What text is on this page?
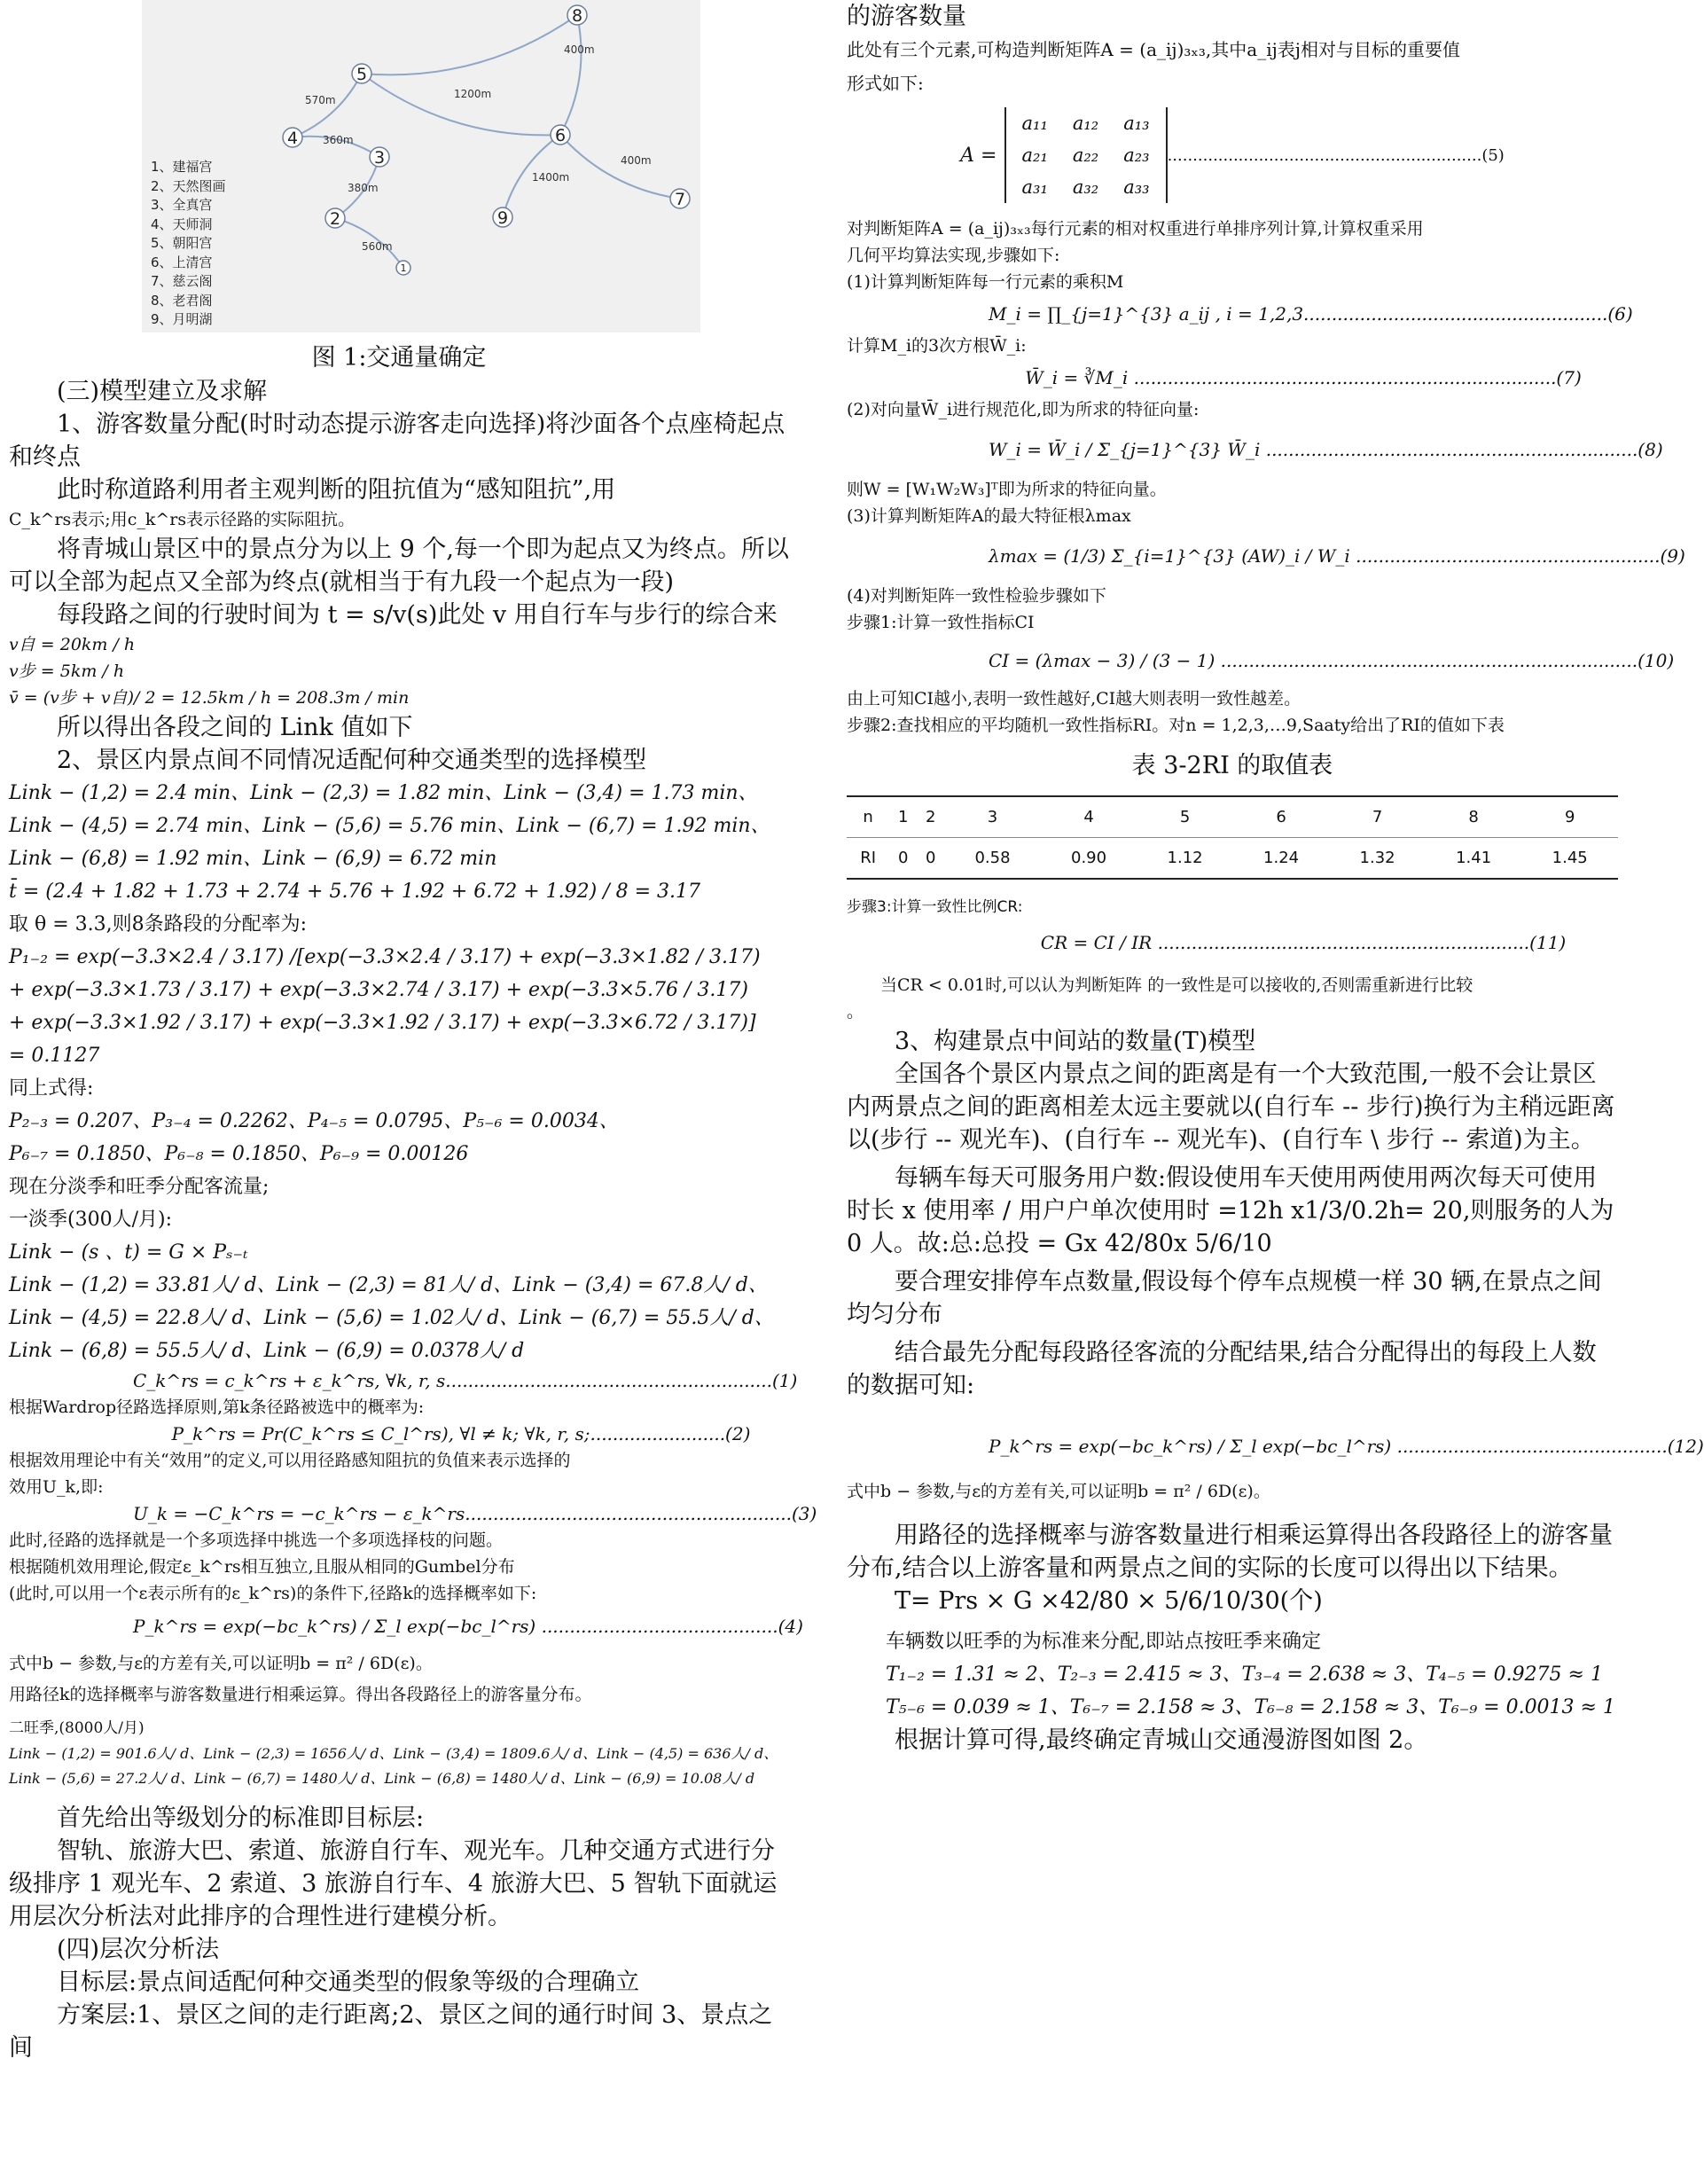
560m
380m
360m
570m	1200m
400m
1400m
400m
1
2
3
4
5
6
7
8
9
1、建福宫
2、天然图画
3、全真宫
4、天师洞
5、朝阳宫
6、上清宫
7、慈云阁
8、老君阁
9、月明湖

图 1:交通量确定

(三)模型建立及求解

1、游客数量分配(时时动态提示游客走向选择)将沙面各个点座椅起点和终点

此时称道路利用者主观判断的阻抗值为“感知阻抗”,用

C_k^rs表示;用c_k^rs表示径路的实际阻抗。

将青城山景区中的景点分为以上 9 个,每一个即为起点又为终点。所以可以全部为起点又全部为终点(就相当于有九段一个起点为一段)

每段路之间的行驶时间为 t = s/v(s)此处 v 用自行车与步行的综合来

v自 = 20km / h

v步 = 5km / h

v̄ = (v步 + v自)/ 2 = 12.5km / h = 208.3m / min

所以得出各段之间的 Link 值如下

2、景区内景点间不同情况适配何种交通类型的选择模型

Link − (1,2) = 2.4 min、Link − (2,3) = 1.82 min、Link − (3,4) = 1.73 min、

Link − (4,5) = 2.74 min、Link − (5,6) = 5.76 min、Link − (6,7) = 1.92 min、

Link − (6,8) = 1.92 min、Link − (6,9) = 6.72 min

t̄ = (2.4 + 1.82 + 1.73 + 2.74 + 5.76 + 1.92 + 6.72 + 1.92) / 8 = 3.17

取 θ = 3.3,则8条路段的分配率为:

P₁₋₂ = exp(−3.3×2.4 / 3.17) /[exp(−3.3×2.4 / 3.17) + exp(−3.3×1.82 / 3.17)

+ exp(−3.3×1.73 / 3.17) + exp(−3.3×2.74 / 3.17) + exp(−3.3×5.76 / 3.17)

+ exp(−3.3×1.92 / 3.17) + exp(−3.3×1.92 / 3.17) + exp(−3.3×6.72 / 3.17)]

= 0.1127

同上式得:

P₂₋₃ = 0.207、P₃₋₄ = 0.2262、P₄₋₅ = 0.0795、P₅₋₆ = 0.0034、

P₆₋₇ = 0.1850、P₆₋₈ = 0.1850、P₆₋₉ = 0.00126

现在分淡季和旺季分配客流量;

一淡季(300人/月):

Link − (s 、t) = G × Pₛ₋ₜ

Link − (1,2) = 33.81人/ d、Link − (2,3) = 81人/ d、Link − (3,4) = 67.8人/ d、

Link − (4,5) = 22.8人/ d、Link − (5,6) = 1.02人/ d、Link − (6,7) = 55.5人/ d、

Link − (6,8) = 55.5人/ d、Link − (6,9) = 0.0378人/ d

C_k^rs = c_k^rs + ε_k^rs, ∀k, r, s..........................................................(1)

根据Wardrop径路选择原则,第k条径路被选中的概率为:

P_k^rs = Pr(C_k^rs ≤ C_l^rs), ∀l ≠ k; ∀k, r, s;........................(2)

根据效用理论中有关“效用”的定义,可以用径路感知阻抗的负值来表示选择的

效用U_k,即:

U_k = −C_k^rs = −c_k^rs − ε_k^rs..........................................................(3)

此时,径路的选择就是一个多项选择中挑选一个多项选择枝的问题。

根据随机效用理论,假定ε_k^rs相互独立,且服从相同的Gumbel分布

(此时,可以用一个ε表示所有的ε_k^rs)的条件下,径路k的选择概率如下:

P_k^rs = exp(−bc_k^rs) / Σ_l exp(−bc_l^rs) ..........................................(4)

式中b − 参数,与ε的方差有关,可以证明b = π² / 6D(ε)。

用路径k的选择概率与游客数量进行相乘运算。得出各段路径上的游客量分布。

二旺季,(8000人/月)

Link − (1,2) = 901.6人/ d、Link − (2,3) = 1656人/ d、Link − (3,4) = 1809.6人/ d、Link − (4,5) = 636人/ d、

Link − (5,6) = 27.2人/ d、Link − (6,7) = 1480人/ d、Link − (6,8) = 1480人/ d、Link − (6,9) = 10.08人/ d

首先给出等级划分的标准即目标层:

智轨、旅游大巴、索道、旅游自行车、观光车。几种交通方式进行分级排序 1 观光车、2 索道、3 旅游自行车、4 旅游大巴、5 智轨下面就运用层次分析法对此排序的合理性进行建模分析。

(四)层次分析法

目标层:景点间适配何种交通类型的假象等级的合理确立

方案层:1、景区之间的走行距离;2、景区之间的通行时间 3、景点之间

的游客数量

此处有三个元素,可构造判断矩阵A = (a_ij)₃ₓ₃,其中a_ij表j相对与目标的重要值

形式如下:

A =
a₁₁	a₁₂	a₁₃
a₂₁	a₂₂	a₂₃
a₃₁	a₃₂	a₃₃
..............................................................(5)

对判断矩阵A = (a_ij)₃ₓ₃每行元素的相对权重进行单排序列计算,计算权重采用

几何平均算法实现,步骤如下:

(1)计算判断矩阵每一行元素的乘积M

M_i = ∏_{j=1}^{3} a_ij , i = 1,2,3......................................................(6)

计算M_i的3次方根W̄_i:

W̄_i = ∛M_i ...........................................................................(7)

(2)对向量W̄_i进行规范化,即为所求的特征向量:

W_i = W̄_i / Σ_{j=1}^{3} W̄_i ..................................................................(8)

则W = [W₁W₂W₃]ᵀ即为所求的特征向量。

(3)计算判断矩阵A的最大特征根λmax

λmax = (1/3) Σ_{i=1}^{3} (AW)_i / W_i ......................................................(9)

(4)对判断矩阵一致性检验步骤如下

步骤1:计算一致性指标CI

CI = (λmax − 3) / (3 − 1) ..........................................................................(10)

由上可知CI越小,表明一致性越好,CI越大则表明一致性越差。

步骤2:查找相应的平均随机一致性指标RI。对n = 1,2,3,…9,Saaty给出了RI的值如下表

表 3-2RI 的取值表

n	1	2	3	4	5	6	7	8	9
RI	0	0	0.58	0.90	1.12	1.24	1.32	1.41	1.45

步骤3:计算一致性比例CR:

CR = CI / IR ..................................................................(11)

当CR < 0.01时,可以认为判断矩阵 的一致性是可以接收的,否则需重新进行比较

。

3、构建景点中间站的数量(T)模型

全国各个景区内景点之间的距离是有一个大致范围,一般不会让景区内两景点之间的距离相差太远主要就以(自行车 -- 步行)换行为主稍远距离以(步行 -- 观光车)、(自行车 -- 观光车)、(自行车 \ 步行 -- 索道)为主。

每辆车每天可服务用户数:假设使用车天使用两使用两次每天可使用时长 x 使用率 / 用户户单次使用时 =12h x1/3/0.2h= 20,则服务的人为 0 人。故:总:总投 = Gx 42/80x 5/6/10

要合理安排停车点数量,假设每个停车点规模一样 30 辆,在景点之间均匀分布

结合最先分配每段路径客流的分配结果,结合分配得出的每段上人数的数据可知:

P_k^rs = exp(−bc_k^rs) / Σ_l exp(−bc_l^rs) ................................................(12)

式中b − 参数,与ε的方差有关,可以证明b = π² / 6D(ε)。

用路径的选择概率与游客数量进行相乘运算得出各段路径上的游客量分布,结合以上游客量和两景点之间的实际的长度可以得出以下结果。

T= Prs × G ×42/80 × 5/6/10/30(个)

车辆数以旺季的为标准来分配,即站点按旺季来确定

T₁₋₂ = 1.31 ≈ 2、T₂₋₃ = 2.415 ≈ 3、T₃₋₄ = 2.638 ≈ 3、T₄₋₅ = 0.9275 ≈ 1

T₅₋₆ = 0.039 ≈ 1、T₆₋₇ = 2.158 ≈ 3、T₆₋₈ = 2.158 ≈ 3、T₆₋₉ = 0.0013 ≈ 1

根据计算可得,最终确定青城山交通漫游图如图 2。
